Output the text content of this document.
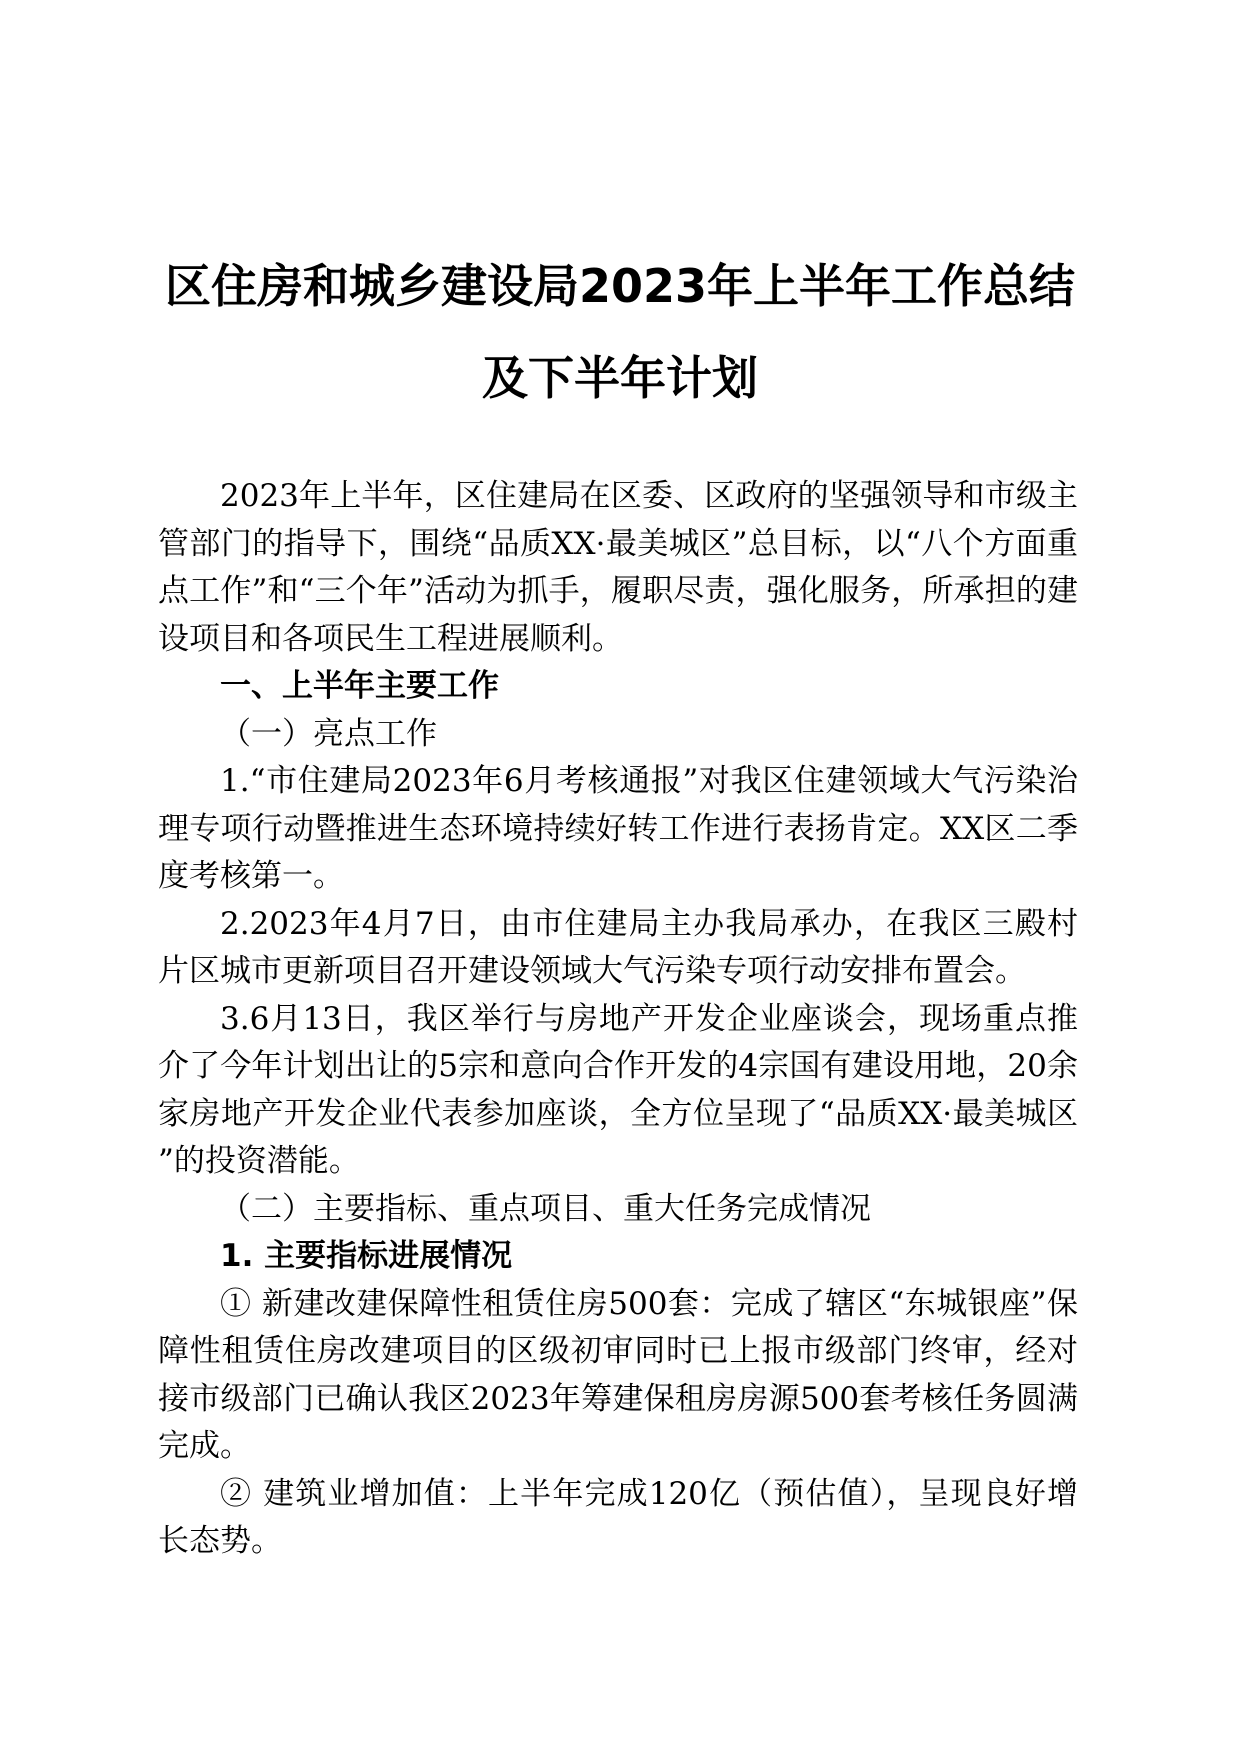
区住房和城乡建设局2023年上半年工作总结
及下半年计划

2023年上半年，区住建局在区委、区政府的坚强领导和市级主管部门的指导下，围绕“品质XX·最美城区”总目标，以“八个方面重点工作”和“三个年”活动为抓手，履职尽责，强化服务，所承担的建设项目和各项民生工程进展顺利。

一、上半年主要工作

（一）亮点工作

1.“市住建局2023年6月考核通报”对我区住建领域大气污染治理专项行动暨推进生态环境持续好转工作进行表扬肯定。XX区二季度考核第一。

2.2023年4月7日，由市住建局主办我局承办，在我区三殿村片区城市更新项目召开建设领域大气污染专项行动安排布置会。

3.6月13日，我区举行与房地产开发企业座谈会，现场重点推介了今年计划出让的5宗和意向合作开发的4宗国有建设用地，20余家房地产开发企业代表参加座谈，全方位呈现了“品质XX·最美城区”的投资潜能。

（二）主要指标、重点项目、重大任务完成情况

1. 主要指标进展情况

① 新建改建保障性租赁住房500套：完成了辖区“东城银座”保障性租赁住房改建项目的区级初审同时已上报市级部门终审，经对接市级部门已确认我区2023年筹建保租房房源500套考核任务圆满完成。

② 建筑业增加值：上半年完成120亿（预估值），呈现良好增长态势。
